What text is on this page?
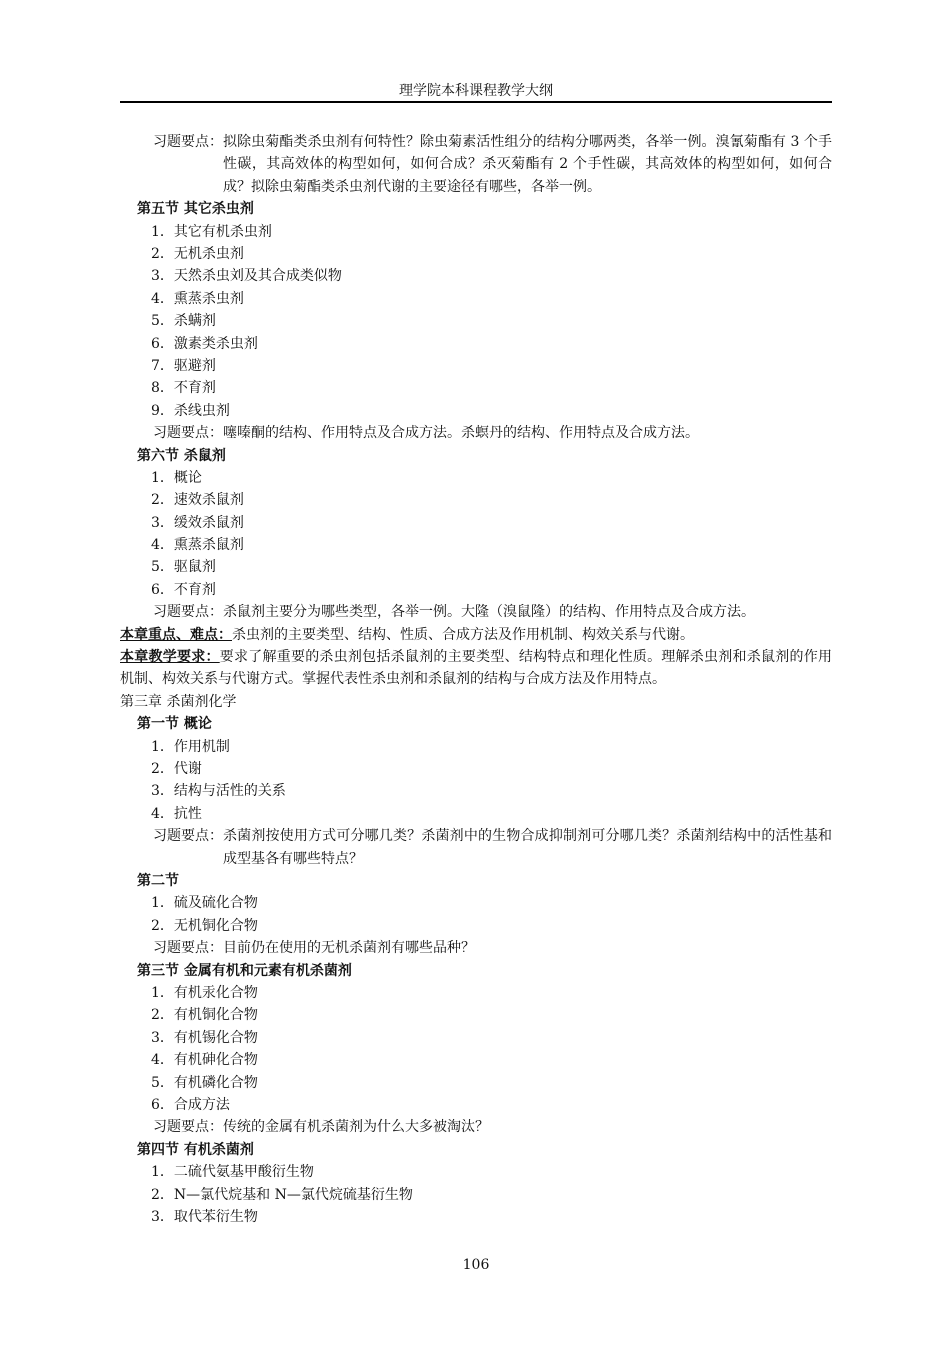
理学院本科课程教学大纲
习题要点： 拟除虫菊酯类杀虫剂有何特性？除虫菊素活性组分的结构分哪两类，各举一例。溴氰菊酯有 3 个手性碳，其高效体的构型如何，如何合成？杀灭菊酯有 2 个手性碳，其高效体的构型如何，如何合成？拟除虫菊酯类杀虫剂代谢的主要途径有哪些，各举一例。
第五节 其它杀虫剂
1．其它有机杀虫剂
2．无机杀虫剂
3．天然杀虫刘及其合成类似物
4．熏蒸杀虫剂
5．杀螨剂
6．激素类杀虫剂
7．驱避剂
8．不育剂
9．杀线虫剂
习题要点： 噻嗪酮的结构、作用特点及合成方法。杀螟丹的结构、作用特点及合成方法。
第六节 杀鼠剂
1．概论
2．速效杀鼠剂
3．缓效杀鼠剂
4．熏蒸杀鼠剂
5．驱鼠剂
6．不育剂
习题要点： 杀鼠剂主要分为哪些类型，各举一例。大隆（溴鼠隆）的结构、作用特点及合成方法。
本章重点、难点：杀虫剂的主要类型、结构、性质、合成方法及作用机制、构效关系与代谢。
本章教学要求：要求了解重要的杀虫剂包括杀鼠剂的主要类型、结构特点和理化性质。理解杀虫剂和杀鼠剂的作用机制、构效关系与代谢方式。掌握代表性杀虫剂和杀鼠剂的结构与合成方法及作用特点。
第三章 杀菌剂化学
第一节 概论
1．作用机制
2．代谢
3．结构与活性的关系
4．抗性
习题要点： 杀菌剂按使用方式可分哪几类？杀菌剂中的生物合成抑制剂可分哪几类？杀菌剂结构中的活性基和成型基各有哪些特点？
第二节
1．硫及硫化合物
2．无机铜化合物
习题要点： 目前仍在使用的无机杀菌剂有哪些品种？
第三节 金属有机和元素有机杀菌剂
1．有机汞化合物
2．有机铜化合物
3．有机锡化合物
4．有机砷化合物
5．有机磷化合物
6．合成方法
习题要点： 传统的金属有机杀菌剂为什么大多被淘汰？
第四节 有机杀菌剂
1．二硫代氨基甲酸衍生物
2．N—氯代烷基和 N—氯代烷硫基衍生物
3．取代苯衍生物
106
